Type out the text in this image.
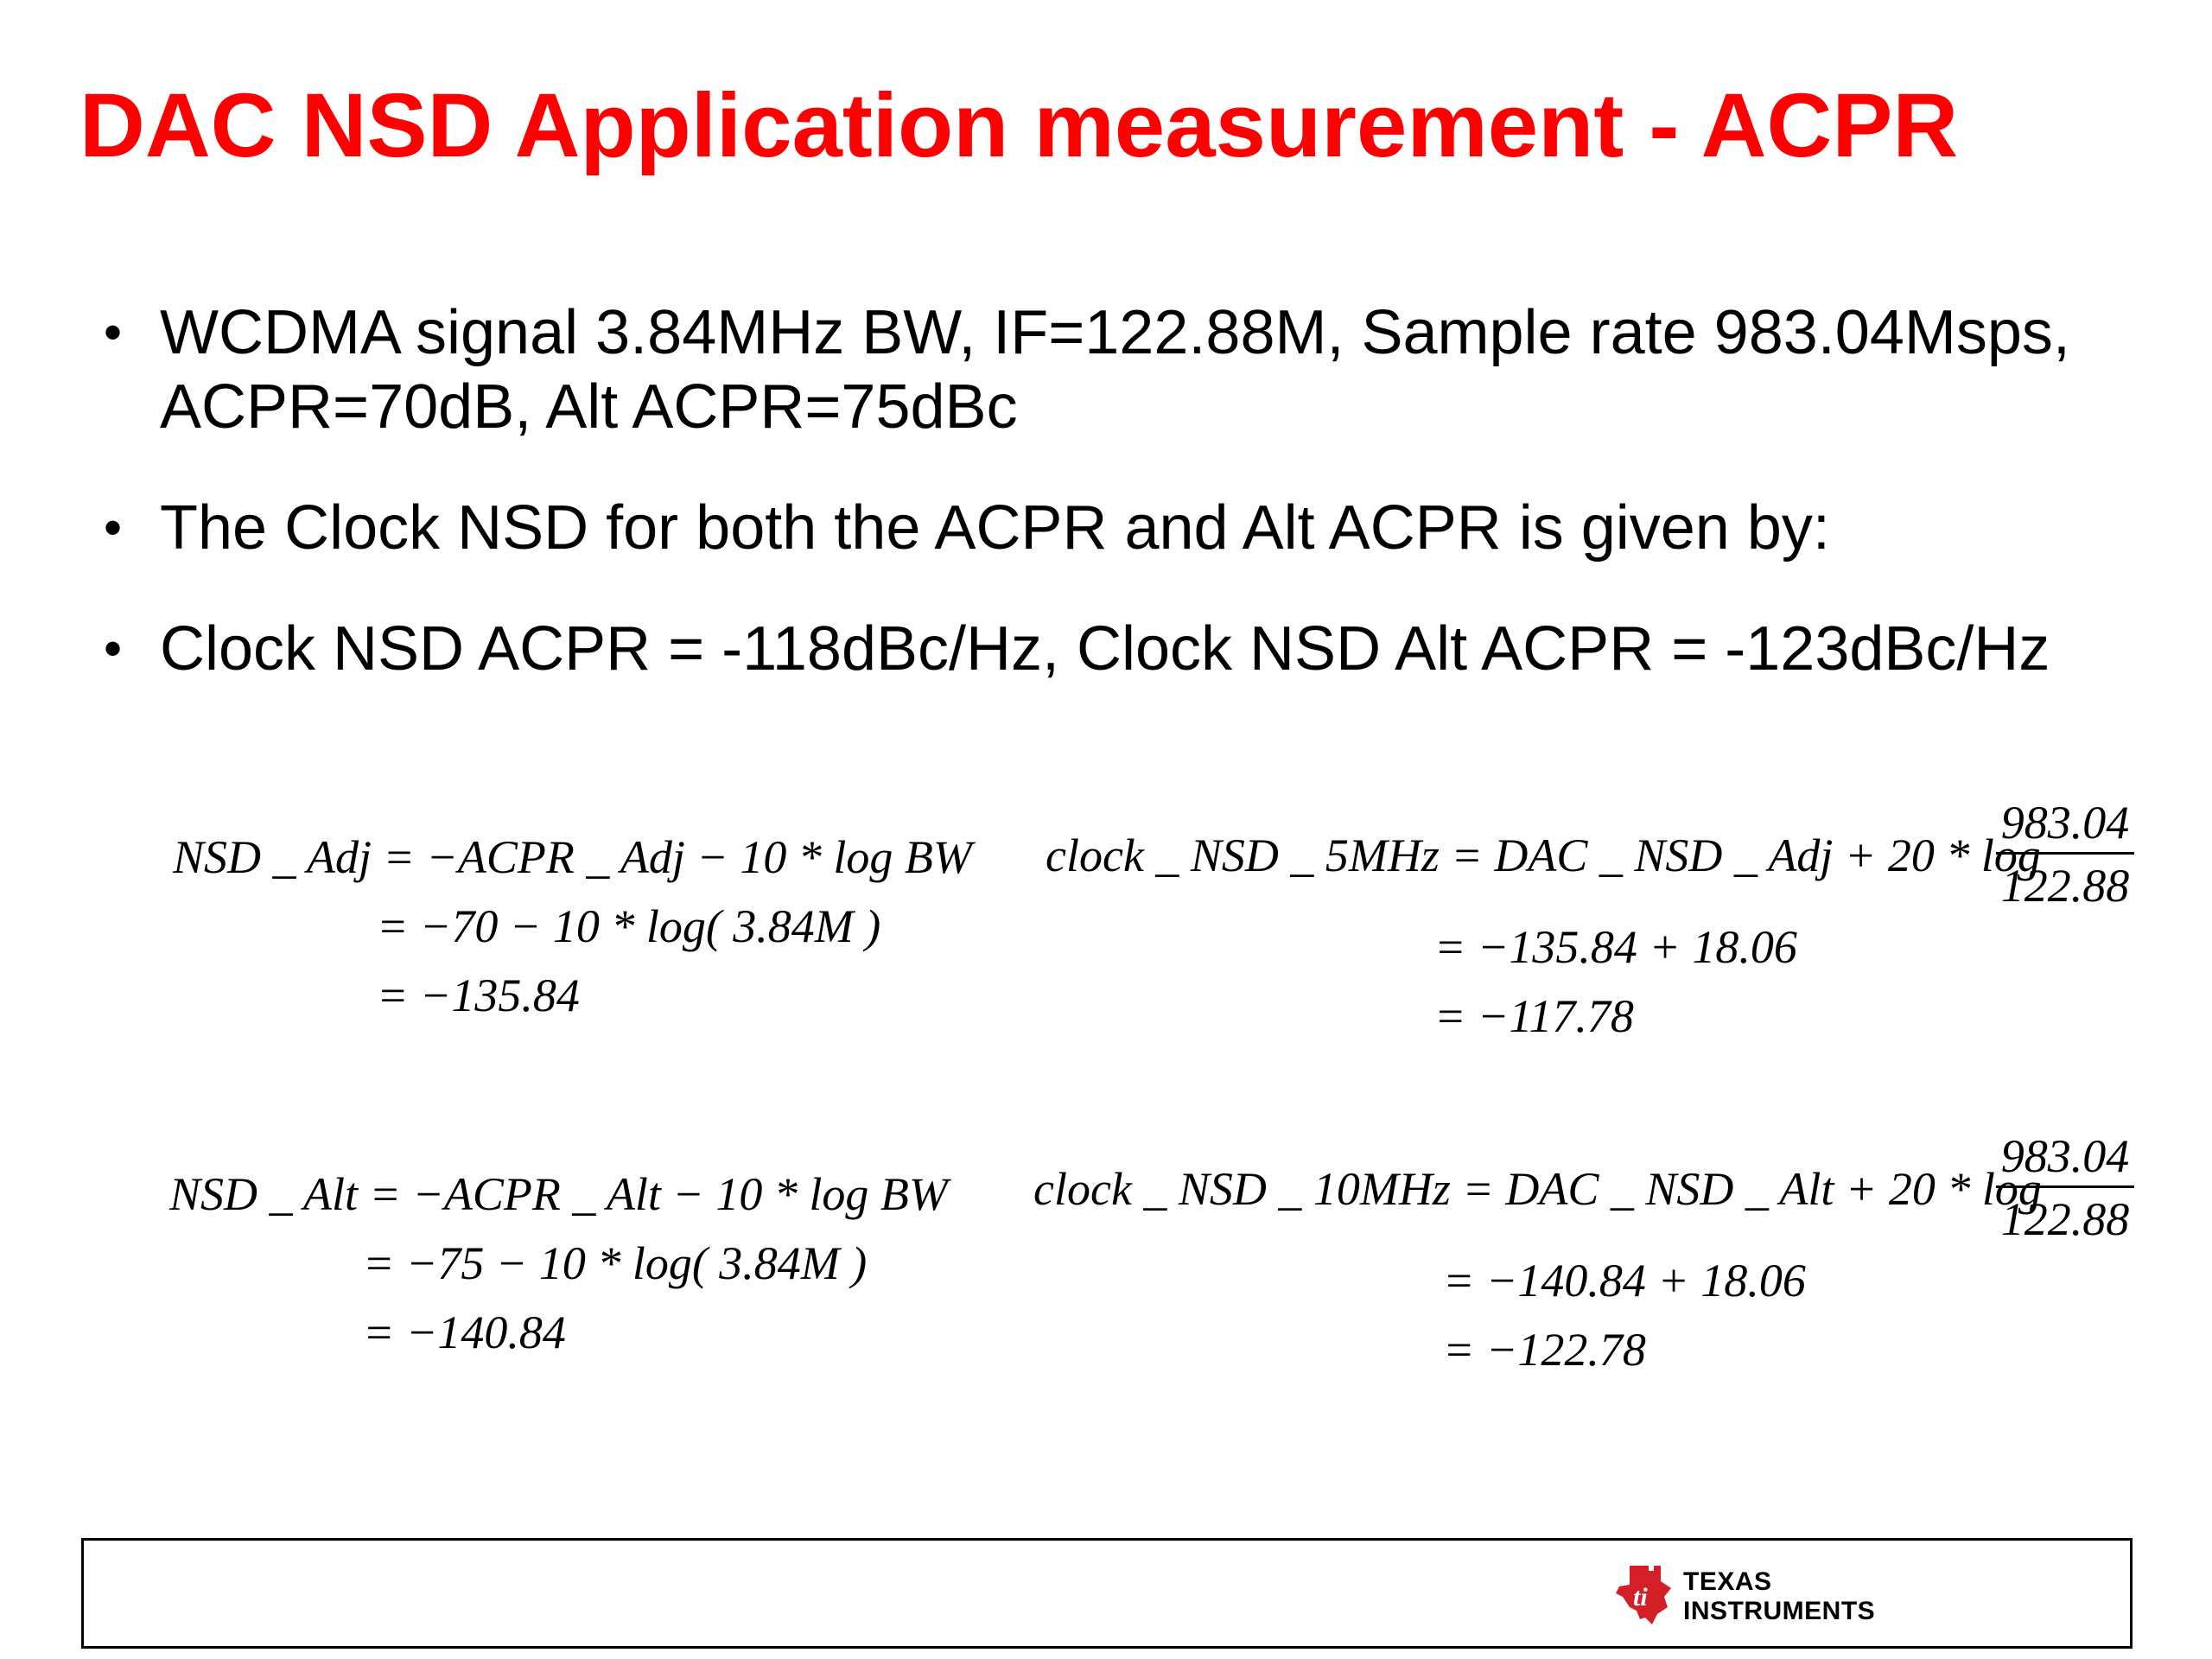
DAC NSD Application measurement - ACPR
• WCDMA signal 3.84MHz BW, IF=122.88M, Sample rate 983.04Msps,
ACPR=70dB, Alt ACPR=75dBc
• The Clock NSD for both the ACPR and Alt ACPR is given by:
• Clock NSD ACPR = -118dBc/Hz, Clock NSD Alt ACPR = -123dBc/Hz
NSD _ Adj = −ACPR _ Adj − 10 * log BW
= −70 − 10 * log( 3.84M )
= −135.84
clock _ NSD _ 5MHz = DAC _ NSD _ Adj + 20 * log
983.04
122.88
= −135.84 + 18.06
= −117.78
NSD _ Alt = −ACPR _ Alt − 10 * log BW
= −75 − 10 * log( 3.84M )
= −140.84
clock _ NSD _ 10MHz = DAC _ NSD _ Alt + 20 * log
983.04
122.88
= −140.84 + 18.06
= −122.78
ti
TEXAS
INSTRUMENTS
